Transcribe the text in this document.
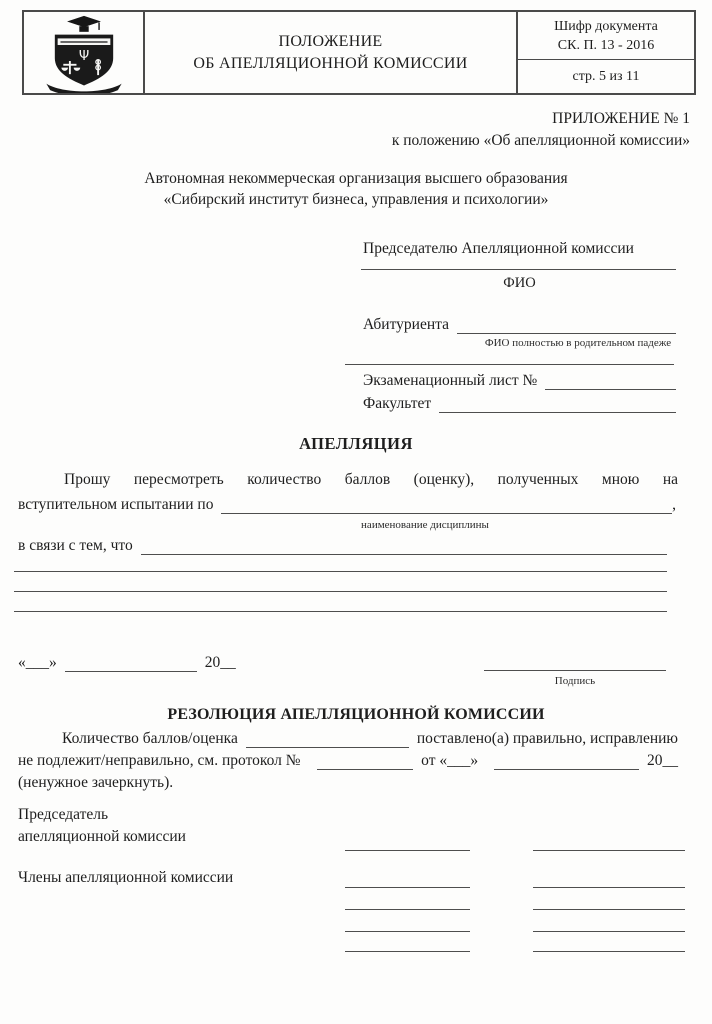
Ψ
ПОЛОЖЕНИЕ
ОБ АПЕЛЛЯЦИОННОЙ КОМИССИИ
Шифр документа
СК. П. 13 - 2016
стр. 5 из 11
ПРИЛОЖЕНИЕ № 1
к положению «Об апелляционной комиссии»
Автономная некоммерческая организация высшего образования
«Сибирский институт бизнеса, управления и психологии»
Председателю Апелляционной комиссии
ФИО
Абитуриента
ФИО полностью в родительном падеже
Экзаменационный лист №
Факультет
АПЕЛЛЯЦИЯ
Прошу пересмотреть количество баллов (оценку), полученных мною на
вступительном испытании по	,
наименование дисциплины
в связи с тем, что
«___»	20__
Подпись
РЕЗОЛЮЦИЯ АПЕЛЛЯЦИОННОЙ КОМИССИИ
Количество баллов/оценка	поставлено(а) правильно, исправлению
не подлежит/неправильно, см. протокол №	от «___»	20__
(ненужное зачеркнуть).
Председатель
апелляционной комиссии
Члены апелляционной комиссии
